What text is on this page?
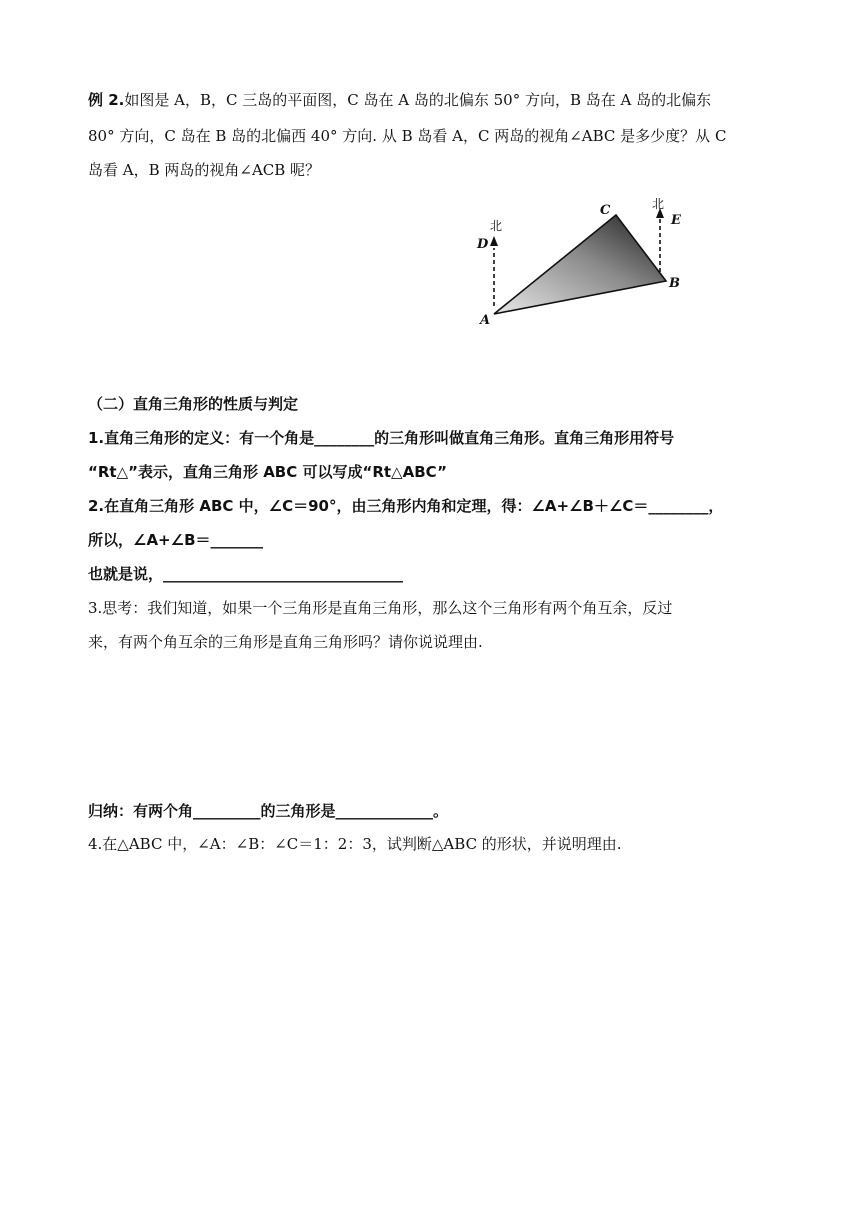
例 2.如图是 A，B，C 三岛的平面图，C 岛在 A 岛的北偏东 50° 方向，B 岛在 A 岛的北偏东
80° 方向，C 岛在 B 岛的北偏西 40° 方向. 从 B 岛看 A，C 两岛的视角∠ABC 是多少度？从 C
岛看 A，B 两岛的视角∠ACB 呢？
北
北
D
E
C
B
A
（二）直角三角形的性质与判定
1.直角三角形的定义：有一个角是________的三角形叫做直角三角形。直角三角形用符号
“Rt△”表示，直角三角形 ABC 可以写成“Rt△ABC”
2.在直角三角形 ABC 中，∠C＝90°，由三角形内角和定理，得：∠A+∠B＋∠C＝________，
所以，∠A+∠B＝_______
也就是说，________________________________
3.思考：我们知道，如果一个三角形是直角三角形，那么这个三角形有两个角互余，反过
来，有两个角互余的三角形是直角三角形吗？请你说说理由.
归纳：有两个角_________的三角形是_____________。
4.在△ABC 中，∠A：∠B：∠C＝1：2：3，试判断△ABC 的形状，并说明理由.
